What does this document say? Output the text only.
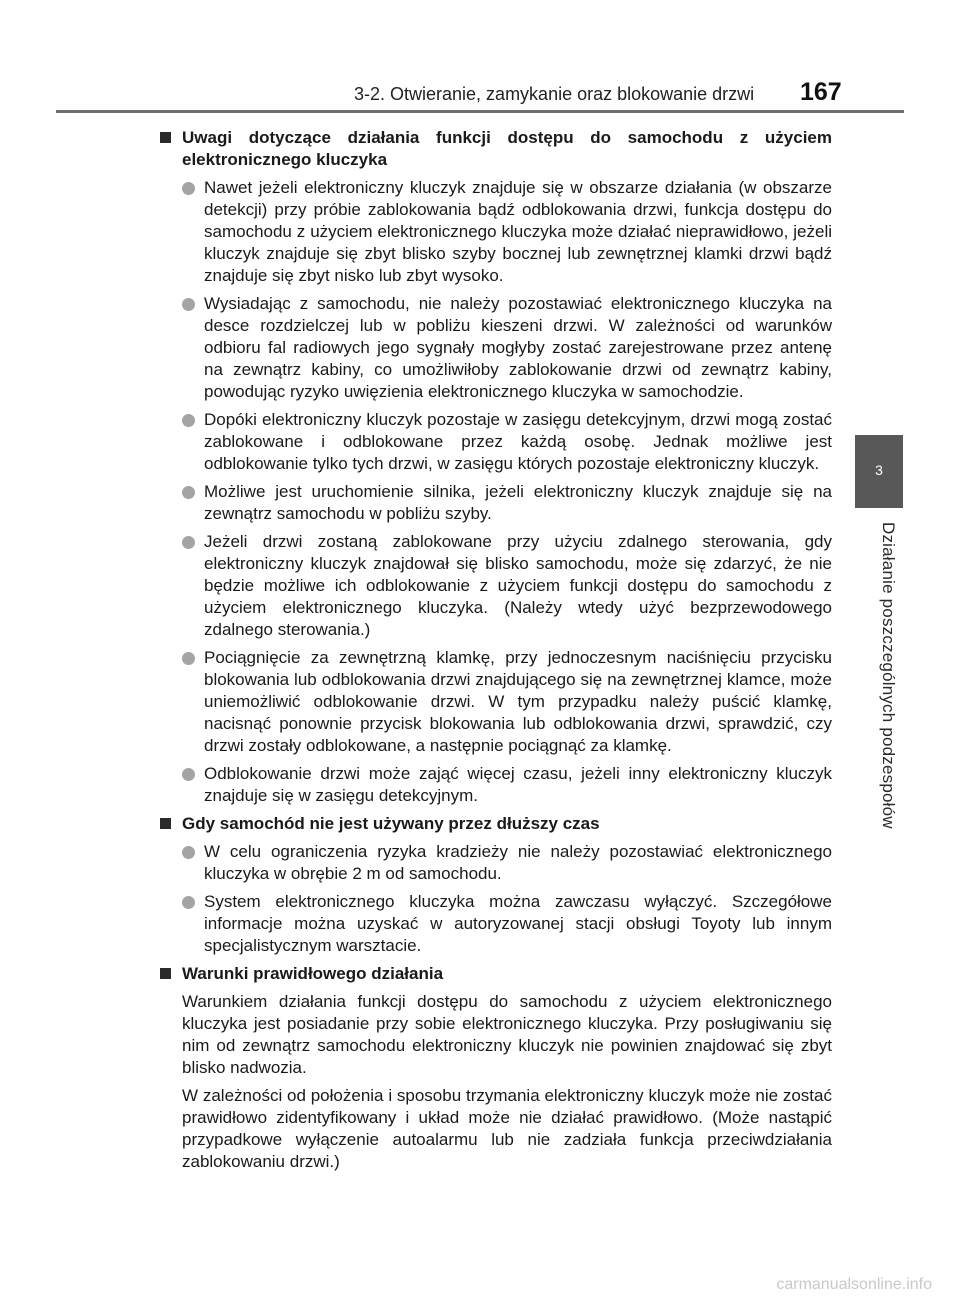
3-2. Otwieranie, zamykanie oraz blokowanie drzwi 167
3
Działanie poszczególnych podzespołów
Uwagi dotyczące działania funkcji dostępu do samochodu z użyciem elektronicznego kluczyka
Nawet jeżeli elektroniczny kluczyk znajduje się w obszarze działania (w obszarze detekcji) przy próbie zablokowania bądź odblokowania drzwi, funkcja dostępu do samochodu z użyciem elektronicznego kluczyka może działać nieprawidłowo, jeżeli kluczyk znajduje się zbyt blisko szyby bocznej lub zewnętrznej klamki drzwi bądź znajduje się zbyt nisko lub zbyt wysoko.
Wysiadając z samochodu, nie należy pozostawiać elektronicznego kluczyka na desce rozdzielczej lub w pobliżu kieszeni drzwi. W zależności od warunków odbioru fal radiowych jego sygnały mogłyby zostać zarejestrowane przez antenę na zewnątrz kabiny, co umożliwiłoby zablokowanie drzwi od zewnątrz kabiny, powodując ryzyko uwięzienia elektronicznego kluczyka w samochodzie.
Dopóki elektroniczny kluczyk pozostaje w zasięgu detekcyjnym, drzwi mogą zostać zablokowane i odblokowane przez każdą osobę. Jednak możliwe jest odblokowanie tylko tych drzwi, w zasięgu których pozostaje elektroniczny kluczyk.
Możliwe jest uruchomienie silnika, jeżeli elektroniczny kluczyk znajduje się na zewnątrz samochodu w pobliżu szyby.
Jeżeli drzwi zostaną zablokowane przy użyciu zdalnego sterowania, gdy elektroniczny kluczyk znajdował się blisko samochodu, może się zdarzyć, że nie będzie możliwe ich odblokowanie z użyciem funkcji dostępu do samochodu z użyciem elektronicznego kluczyka. (Należy wtedy użyć bezprzewodowego zdalnego sterowania.)
Pociągnięcie za zewnętrzną klamkę, przy jednoczesnym naciśnięciu przycisku blokowania lub odblokowania drzwi znajdującego się na zewnętrznej klamce, może uniemożliwić odblokowanie drzwi. W tym przypadku należy puścić klamkę, nacisnąć ponownie przycisk blokowania lub odblokowania drzwi, sprawdzić, czy drzwi zostały odblokowane, a następnie pociągnąć za klamkę.
Odblokowanie drzwi może zająć więcej czasu, jeżeli inny elektroniczny kluczyk znajduje się w zasięgu detekcyjnym.
Gdy samochód nie jest używany przez dłuższy czas
W celu ograniczenia ryzyka kradzieży nie należy pozostawiać elektronicznego kluczyka w obrębie 2 m od samochodu.
System elektronicznego kluczyka można zawczasu wyłączyć. Szczegółowe informacje można uzyskać w autoryzowanej stacji obsługi Toyoty lub innym specjalistycznym warsztacie.
Warunki prawidłowego działania
Warunkiem działania funkcji dostępu do samochodu z użyciem elektronicznego kluczyka jest posiadanie przy sobie elektronicznego kluczyka. Przy posługiwaniu się nim od zewnątrz samochodu elektroniczny kluczyk nie powinien znajdować się zbyt blisko nadwozia.
W zależności od położenia i sposobu trzymania elektroniczny kluczyk może nie zostać prawidłowo zidentyfikowany i układ może nie działać prawidłowo. (Może nastąpić przypadkowe wyłączenie autoalarmu lub nie zadziała funkcja przeciwdziałania zablokowaniu drzwi.)
carmanualsonline.info
